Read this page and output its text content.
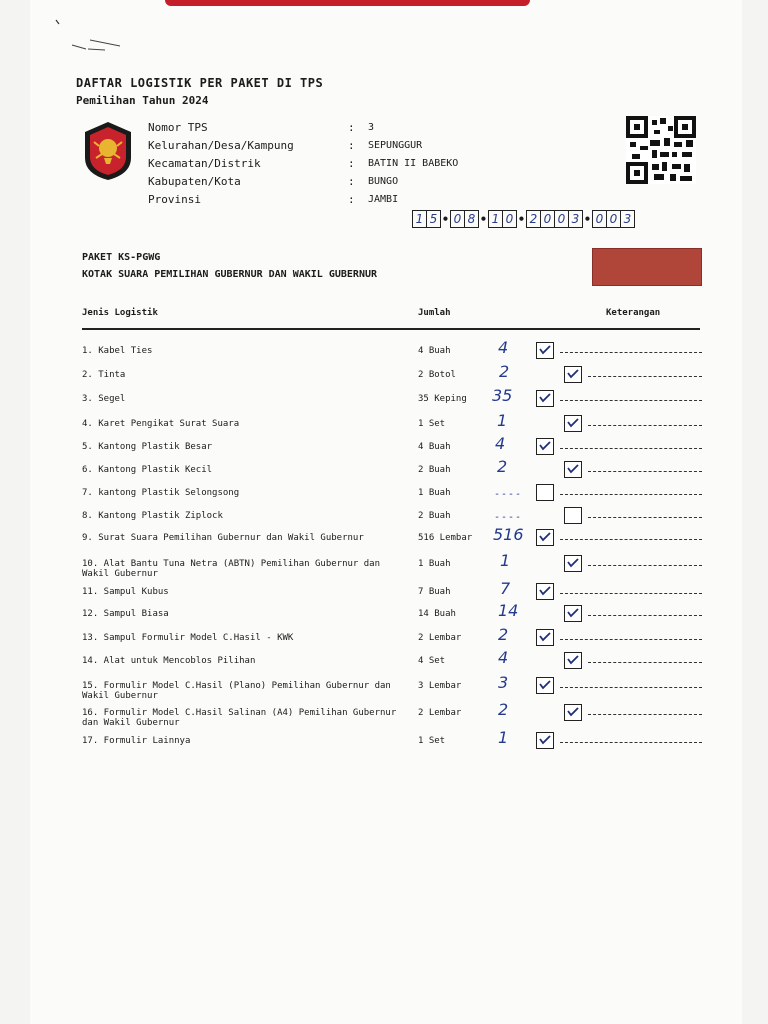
DAFTAR LOGISTIK PER PAKET DI TPS
Pemilihan Tahun 2024
Nomor TPS	: 3
Kelurahan/Desa/Kampung	: SEPUNGGUR
Kecamatan/Distrik	: BATIN II BABEKO
Kabupaten/Kota	: BUNGO
Provinsi	: JAMBI
1 5 • 0 8 • 1 0 • 2 0 0 3 • 0 0 3
PAKET KS-PGWG
KOTAK SUARA PEMILIHAN GUBERNUR DAN WAKIL GUBERNUR
Jenis Logistik	Jumlah	Keterangan
1. Kabel Ties	4 Buah	4
2. Tinta	2 Botol	2
3. Segel	35 Keping	35
4. Karet Pengikat Surat Suara	1 Set	1
5. Kantong Plastik Besar	4 Buah	4
6. Kantong Plastik Kecil	2 Buah	2
7. kantong Plastik Selongsong	1 Buah	----
8. Kantong Plastik Ziplock	2 Buah	----
9. Surat Suara Pemilihan Gubernur dan Wakil Gubernur	516 Lembar	516
10. Alat Bantu Tuna Netra (ABTN) Pemilihan Gubernur dan Wakil Gubernur
1 Buah	1
11. Sampul Kubus	7 Buah	7
12. Sampul Biasa	14 Buah	14
13. Sampul Formulir Model C.Hasil - KWK	2 Lembar	2
14. Alat untuk Mencoblos Pilihan	4 Set	4
15. Formulir Model C.Hasil (Plano) Pemilihan Gubernur dan Wakil Gubernur
3 Lembar	3
16. Formulir Model C.Hasil Salinan (A4) Pemilihan Gubernur dan Wakil Gubernur
2 Lembar	2
17. Formulir Lainnya	1 Set	1
